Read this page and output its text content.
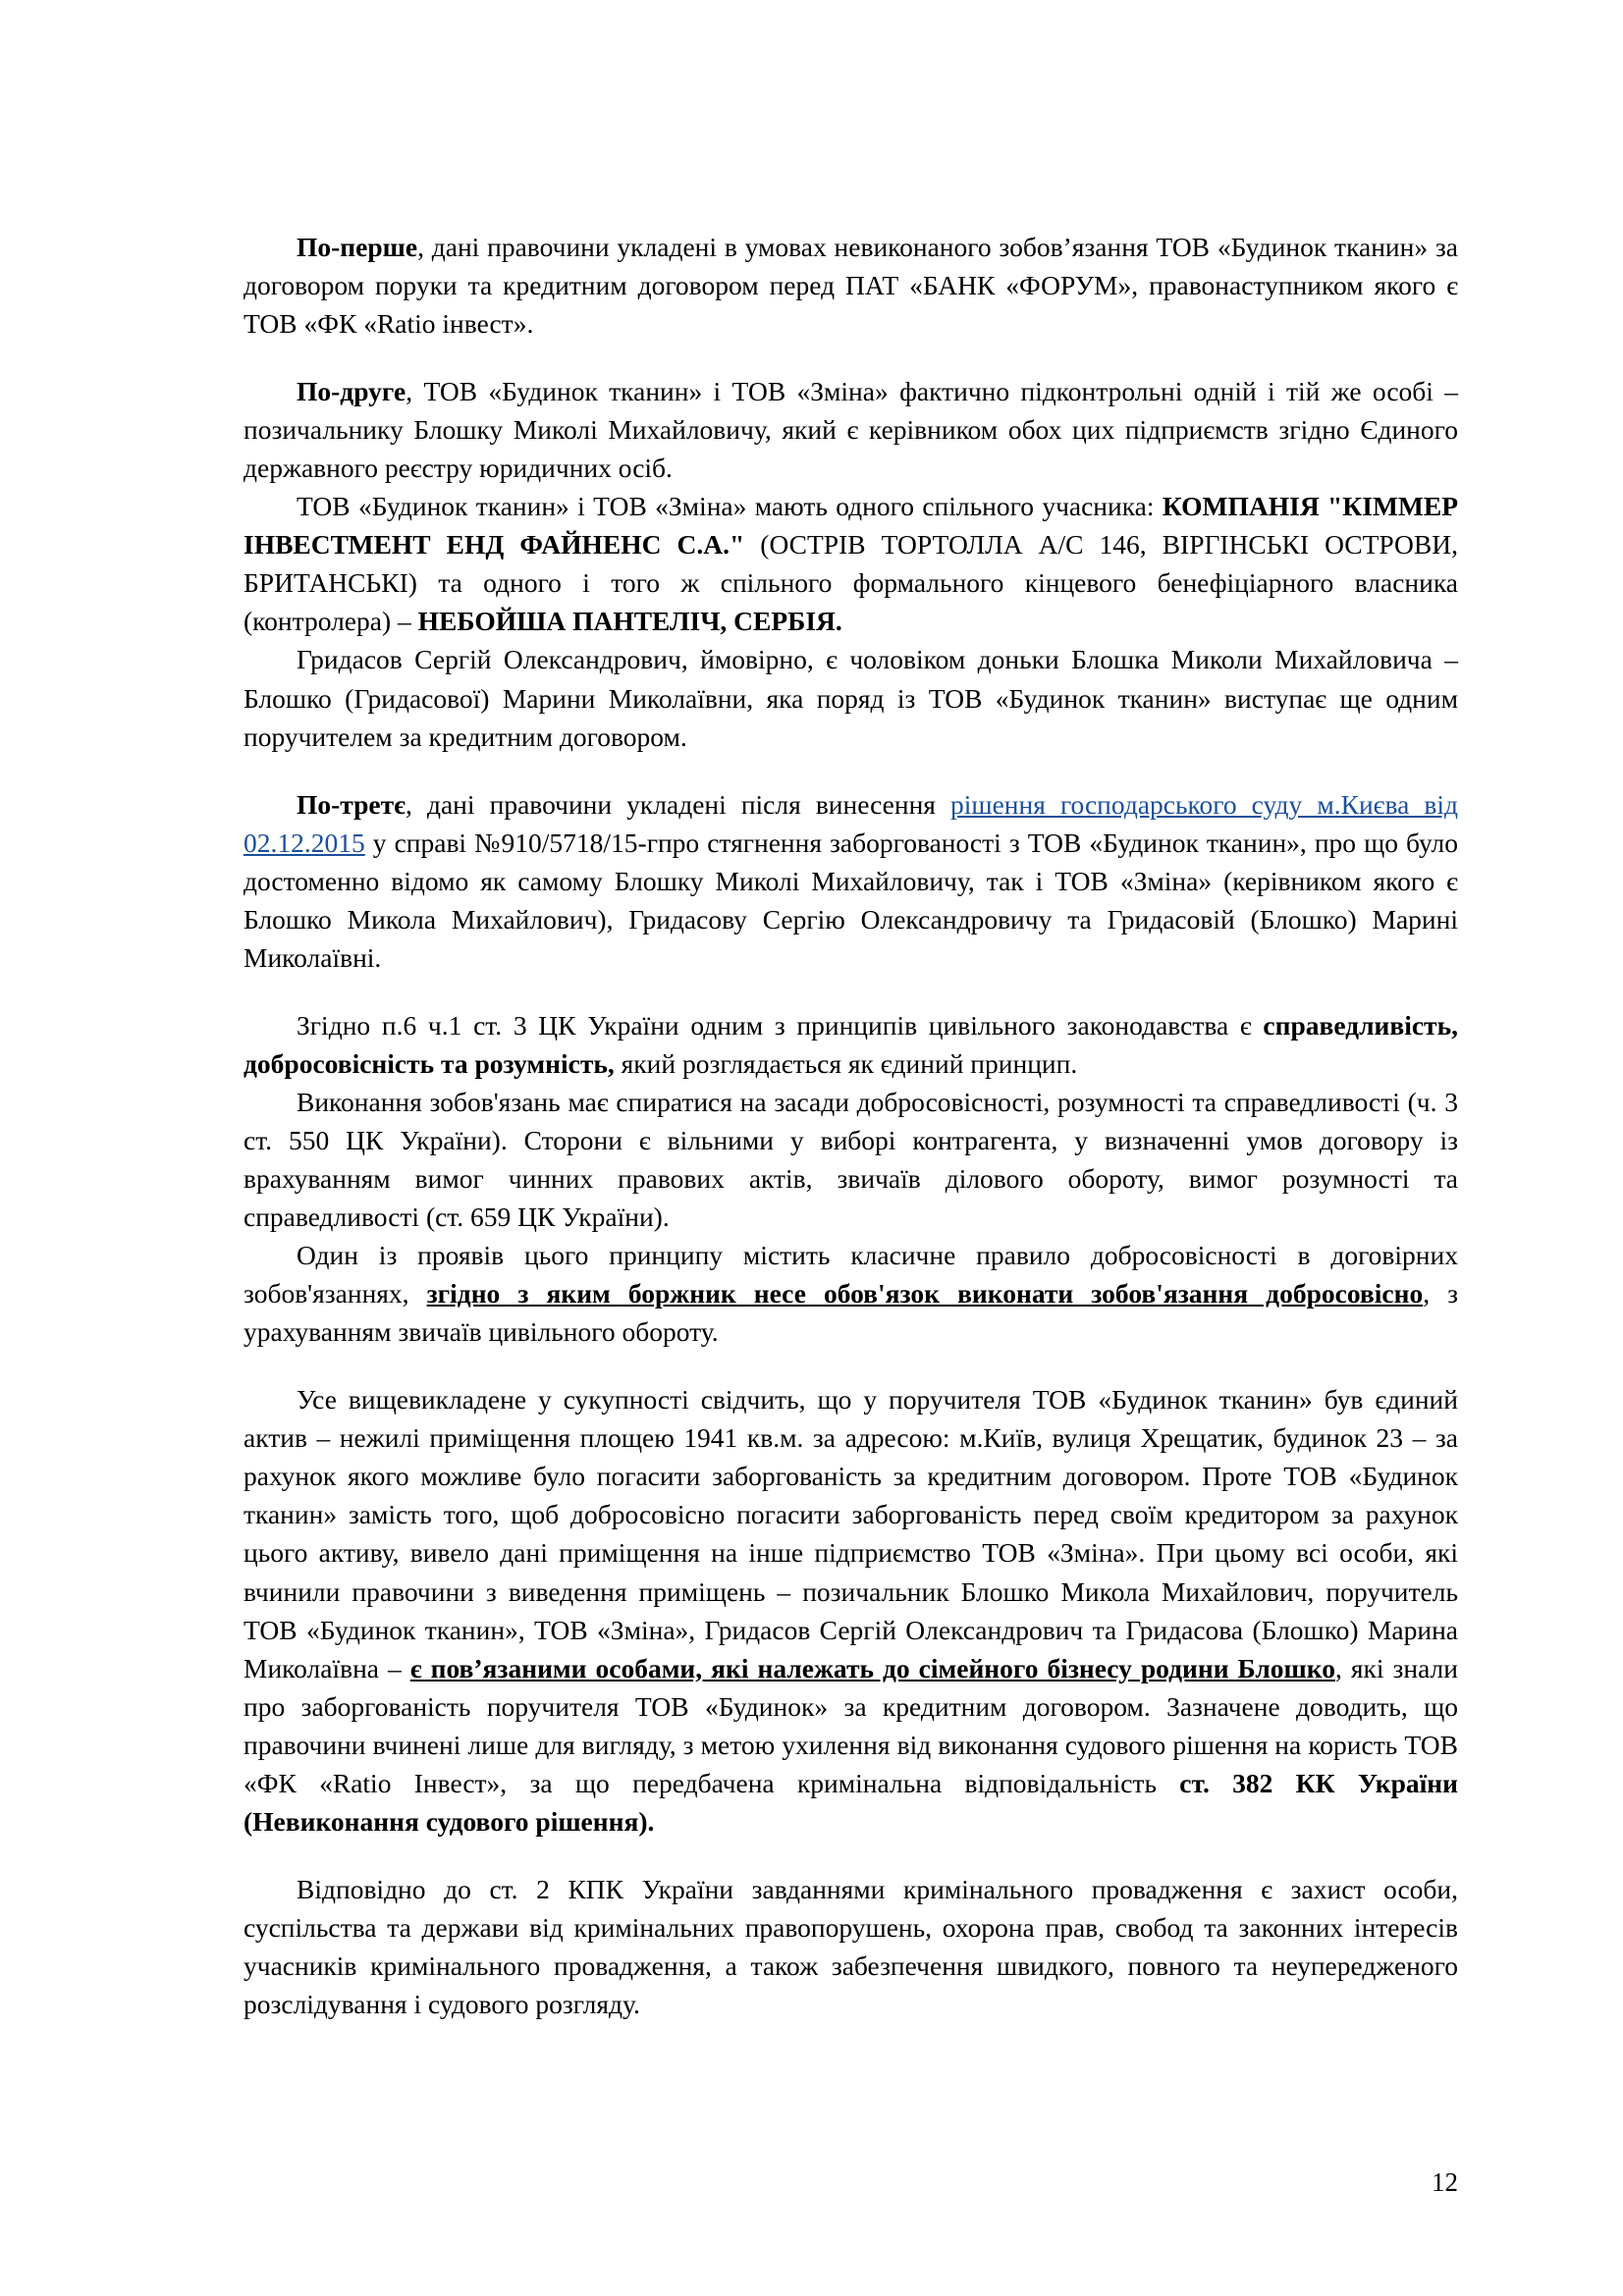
По-перше, дані правочини укладені в умовах невиконаного зобов’язання ТОВ «Будинок тканин» за договором поруки та кредитним договором перед ПАТ «БАНК «ФОРУМ», правонаступником якого є ТОВ «ФК «Ratio інвест».

По-друге, ТОВ «Будинок тканин» і ТОВ «Зміна» фактично підконтрольні одній і тій же особі – позичальнику Блошку Миколі Михайловичу, який є керівником обох цих підприємств згідно Єдиного державного реєстру юридичних осіб.

ТОВ «Будинок тканин» і ТОВ «Зміна» мають одного спільного учасника: КОМПАНІЯ "КІММЕР ІНВЕСТМЕНТ ЕНД ФАЙНЕНС С.А." (ОСТРІВ ТОРТОЛЛА А/С 146, ВІРГІНСЬКІ ОСТРОВИ, БРИТАНСЬКІ) та одного і того ж спільного формального кінцевого бенефіціарного власника (контролера) – НЕБОЙША ПАНТЕЛІЧ, СЕРБІЯ.

Гридасов Сергій Олександрович, ймовірно, є чоловіком доньки Блошка Миколи Михайловича – Блошко (Гридасової) Марини Миколаївни, яка поряд із ТОВ «Будинок тканин» виступає ще одним поручителем за кредитним договором.

По-третє, дані правочини укладені після винесення рішення господарського суду м.Києва від 02.12.2015 у справі №910/5718/15-гпро стягнення заборгованості з ТОВ «Будинок тканин», про що було достоменно відомо як самому Блошку Миколі Михайловичу, так і ТОВ «Зміна» (керівником якого є Блошко Микола Михайлович), Гридасову Сергію Олександровичу та Гридасовій (Блошко) Марині Миколаївні.

Згідно п.6 ч.1 ст. 3 ЦК України одним з принципів цивільного законодавства є справедливість, добросовісність та розумність, який розглядається як єдиний принцип.

Виконання зобов'язань має спиратися на засади добросовісності, розумності та справедливості (ч. 3 ст. 550 ЦК України). Сторони є вільними у виборі контрагента, у визначенні умов договору із врахуванням вимог чинних правових актів, звичаїв ділового обороту, вимог розумності та справедливості (ст. 659 ЦК України).

Один із проявів цього принципу містить класичне правило добросовісності в договірних зобов'язаннях, згідно з яким боржник несе обов'язок виконати зобов'язання добросовісно, з урахуванням звичаїв цивільного обороту.

Усе вищевикладене у сукупності свідчить, що у поручителя ТОВ «Будинок тканин» був єдиний актив – нежилі приміщення площею 1941 кв.м. за адресою: м.Київ, вулиця Хрещатик, будинок 23 – за рахунок якого можливе було погасити заборгованість за кредитним договором. Проте ТОВ «Будинок тканин» замість того, щоб добросовісно погасити заборгованість перед своїм кредитором за рахунок цього активу, вивело дані приміщення на інше підприємство ТОВ «Зміна». При цьому всі особи, які вчинили правочини з виведення приміщень – позичальник Блошко Микола Михайлович, поручитель ТОВ «Будинок тканин», ТОВ «Зміна», Гридасов Сергій Олександрович та Гридасова (Блошко) Марина Миколаївна – є пов’язаними особами, які належать до сімейного бізнесу родини Блошко, які знали про заборгованість поручителя ТОВ «Будинок» за кредитним договором. Зазначене доводить, що правочини вчинені лише для вигляду, з метою ухилення від виконання судового рішення на користь ТОВ «ФК «Ratio Інвест», за що передбачена кримінальна відповідальність ст. 382 КК України (Невиконання судового рішення).

Відповідно до ст. 2 КПК України завданнями кримінального провадження є захист особи, суспільства та держави від кримінальних правопорушень, охорона прав, свобод та законних інтересів учасників кримінального провадження, а також забезпечення швидкого, повного та неупередженого розслідування і судового розгляду.

12
